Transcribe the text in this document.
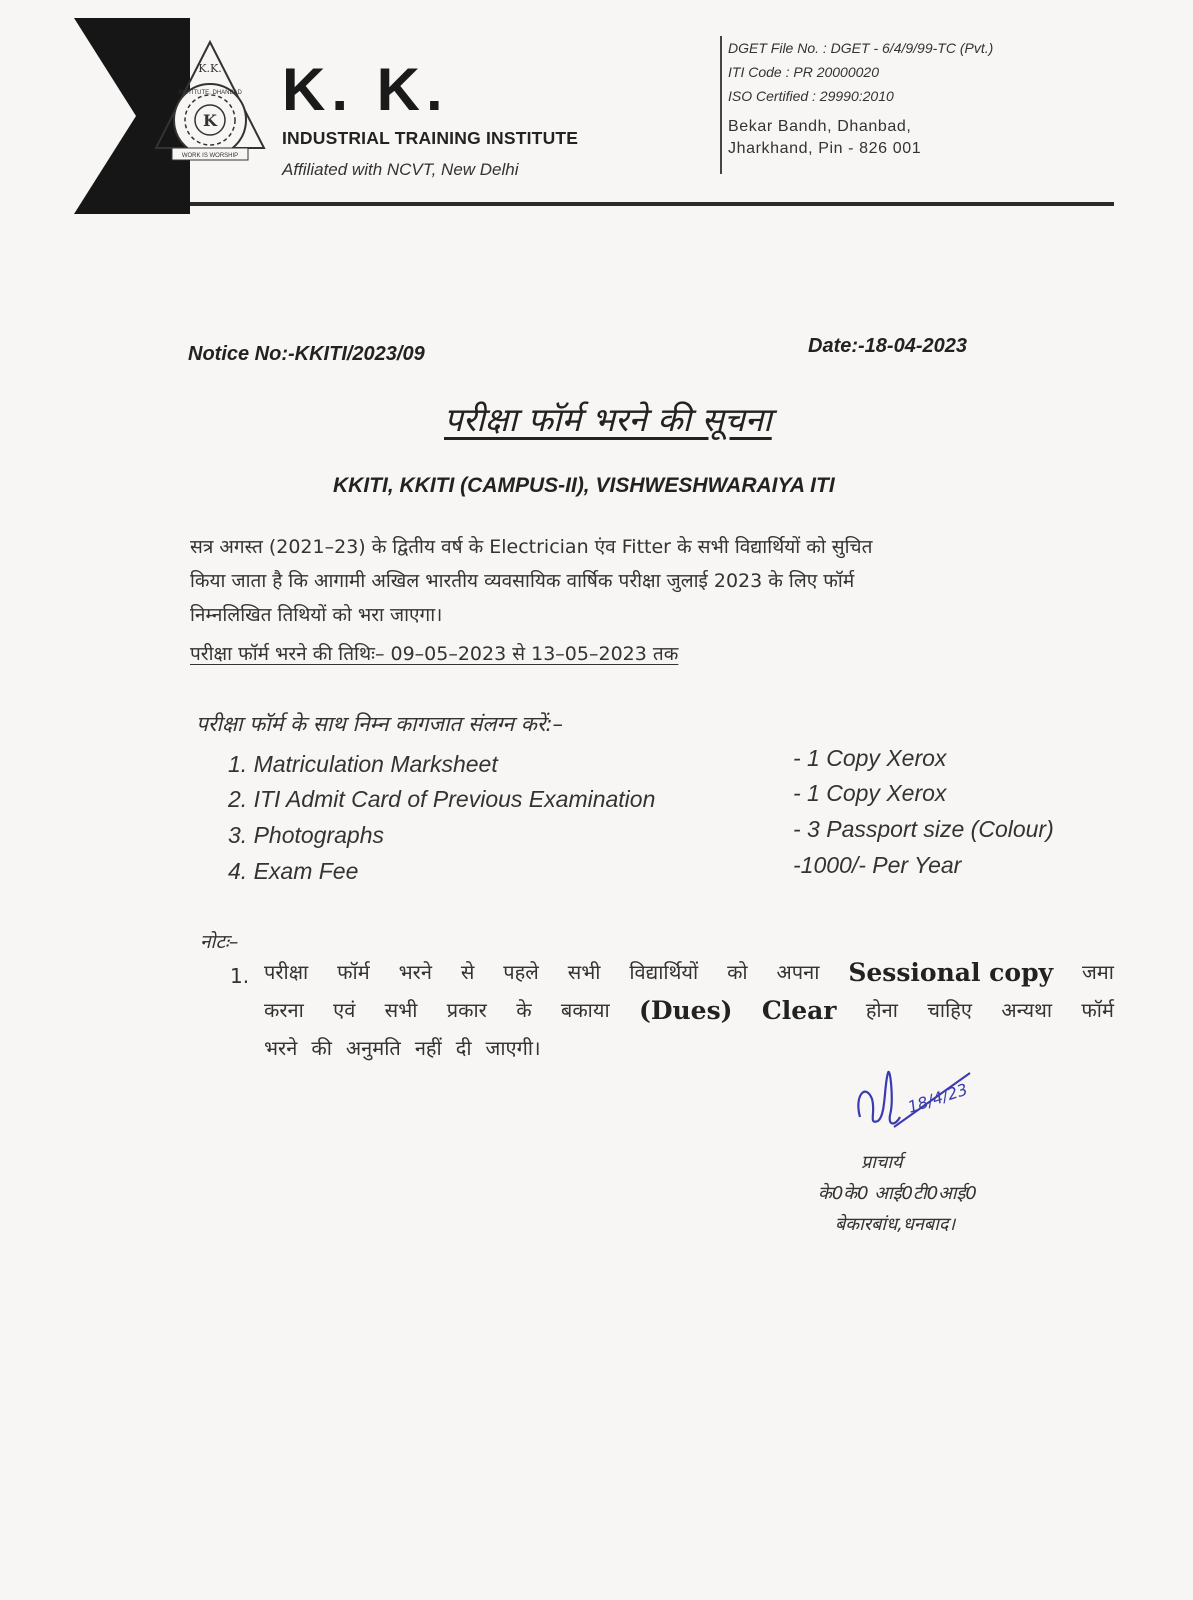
K.K.
INSTITUTE, DHANBAD
K
WORK IS WORSHIP
K. K.
INDUSTRIAL TRAINING INSTITUTE
Affiliated with NCVT, New Delhi
DGET File No. : DGET - 6/4/9/99-TC (Pvt.)
ITI Code : PR 20000020
ISO Certified : 29990:2010
Bekar Bandh, Dhanbad,
Jharkhand, Pin - 826 001
Notice No:-KKITI/2023/09	Date:-18-04-2023
परीक्षा फॉर्म भरने की सूचना
KKITI, KKITI (CAMPUS-II), VISHWESHWARAIYA ITI
सत्र अगस्त (2021–23) के द्वितीय वर्ष के Electrician एंव Fitter के सभी विद्यार्थियों को सुचित
किया जाता है कि आगामी अखिल भारतीय व्यवसायिक वार्षिक परीक्षा जुलाई 2023 के लिए फॉर्म
निम्नलिखित तिथियों को भरा जाएगा।
परीक्षा फॉर्म भरने की तिथिः– 09–05–2023 से 13–05–2023 तक
परीक्षा फॉर्म के साथ निम्न कागजात संलग्न करें:–
1. Matriculation Marksheet	- 1 Copy Xerox
2. ITI Admit Card of Previous Examination	- 1 Copy Xerox
3. Photographs	- 3 Passport size (Colour)
4. Exam Fee	-1000/- Per Year
नोटः–
1. परीक्षा फॉर्म भरने से पहले सभी विद्यार्थियों को अपना Sessional copy जमा
करना एवं सभी प्रकार के बकाया (Dues) Clear होना चाहिए अन्यथा फॉर्म
भरने की अनुमति नहीं दी जाएगी।
18/4/23
प्राचार्य
के0के0 आई0टी0आई0
बेकारबांध,धनबाद।
